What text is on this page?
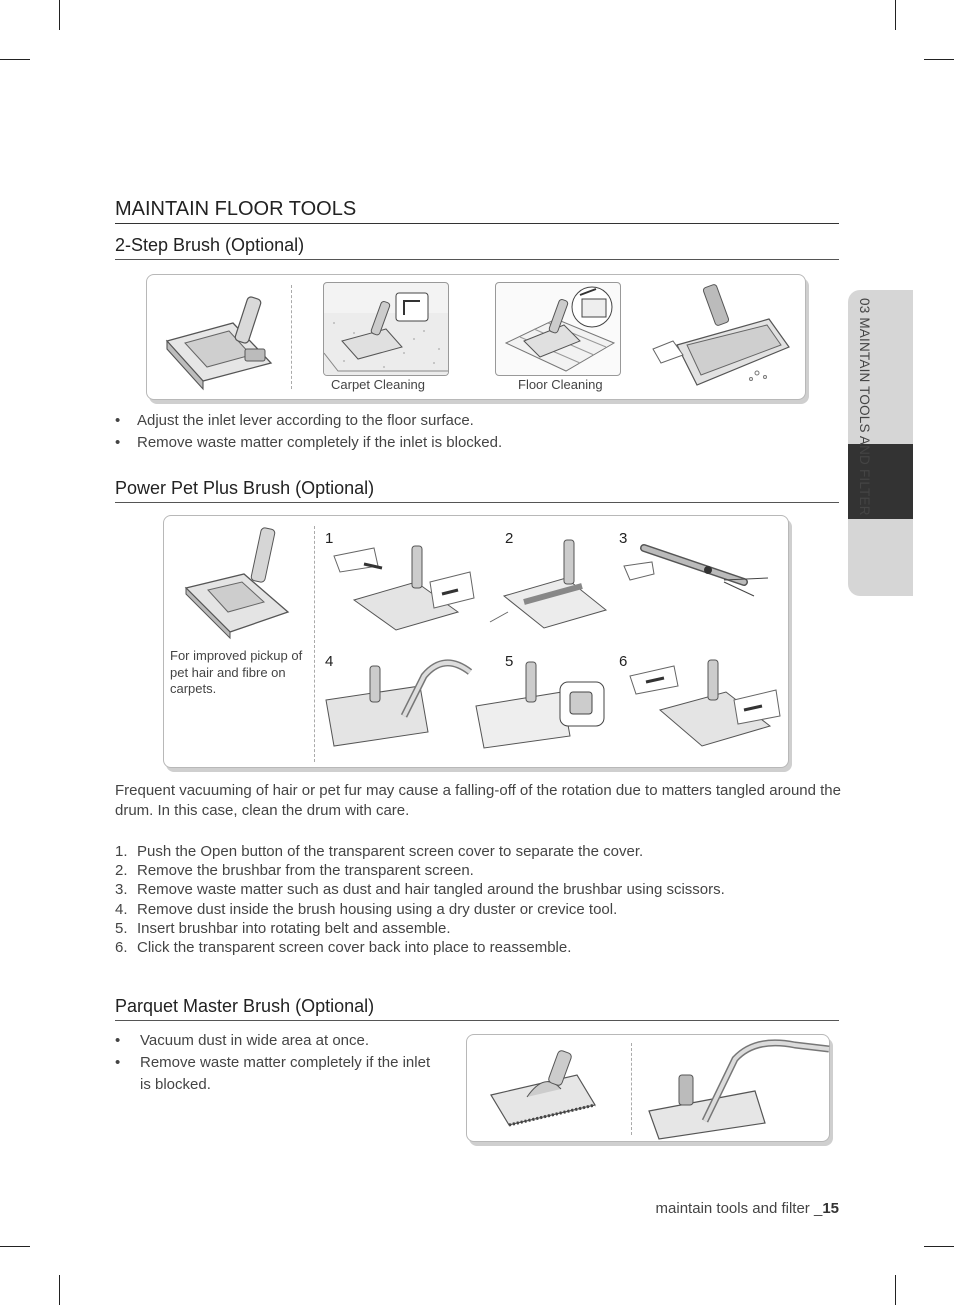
MAINTAIN FLOOR TOOLS
2-Step Brush (Optional)
Carpet Cleaning	Floor Cleaning
• Adjust the inlet lever according to the floor surface.
• Remove waste matter completely if the inlet is blocked.
Power Pet Plus Brush (Optional)
For improved pickup of pet hair and fibre on carpets.
1	2	3
4	5	6

Frequent vacuuming of hair or pet fur may cause a falling-off of the rotation due to matters tangled around the drum. In this case, clean the drum with care.

1. Push the Open button of the transparent screen cover to separate the cover.
2. Remove the brushbar from the transparent screen.
3. Remove waste matter such as dust and hair tangled around the brushbar using scissors.
4. Remove dust inside the brush housing using a dry duster or crevice tool.
5. Insert brushbar into rotating belt and assemble.
6. Click the transparent screen cover back into place to reassemble.
Parquet Master Brush (Optional)
• Vacuum dust in wide area at once.
• Remove waste matter completely if the inlet is blocked.
03 MAINTAIN TOOLS AND FILTER
maintain tools and filter _15
